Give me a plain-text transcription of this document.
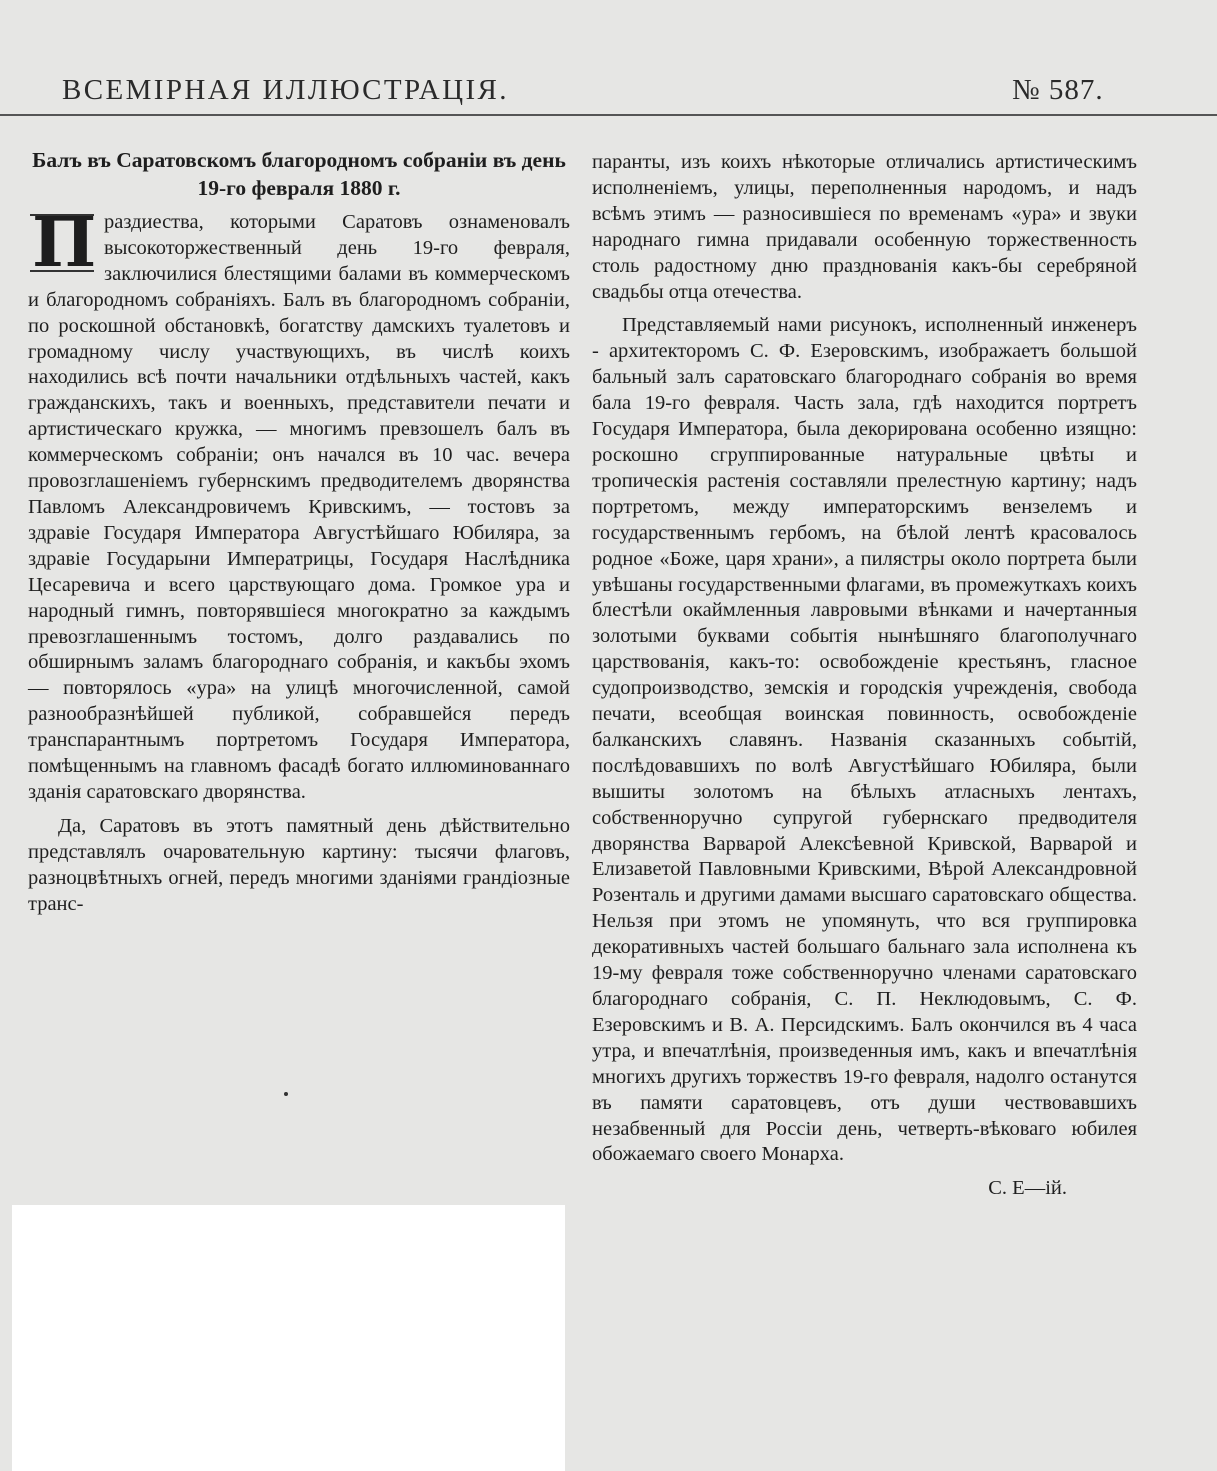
ВСЕМIРНАЯ ИЛЛЮСТРАЦIЯ.	№ 587.
Балъ въ Саратовскомъ благородномъ собранiи въ день 19-го февраля 1880 г.

Праздиества, которыми Саратовъ ознаменовалъ высокоторжественный день 19-го февраля, заключилися блестящими балами въ коммерческомъ и благородномъ собранiяхъ. Балъ въ благородномъ собранiи, по роскошной обстановкѣ, богатству дамскихъ туалетовъ и громадному числу участвующихъ, въ числѣ коихъ находились всѣ почти начальники отдѣльныхъ частей, какъ гражданскихъ, такъ и военныхъ, представители печати и артистическаго кружка, — многимъ превзошелъ балъ въ коммерческомъ собранiи; онъ начался въ 10 час. вечера провозглашенiемъ губернскимъ предводителемъ дворянства Павломъ Александровичемъ Кривскимъ, — тостовъ за здравiе Государя Императора Августѣйшаго Юбиляра, за здравiе Государыни Императрицы, Государя Наслѣдника Цесаревича и всего царствующаго дома. Громкое ура и народный гимнъ, повторявшiеся многократно за каждымъ превозглашеннымъ тостомъ, долго раздавались по обширнымъ заламъ благороднаго собранiя, и какъбы эхомъ — повторялось «ура» на улицѣ многочисленной, самой разнообразнѣйшей публикой, собравшейся передъ транспарантнымъ портретомъ Государя Императора, помѣщеннымъ на главномъ фасадѣ богато иллюминованнаго зданiя саратовскаго дворянства.

Да, Саратовъ въ этотъ памятный день дѣйствительно представлялъ очаровательную картину: тысячи флаговъ, разноцвѣтныхъ огней, передъ многими зданiями грандiозные транс-

паранты, изъ коихъ нѣкоторые отличались артистическимъ исполненiемъ, улицы, переполненныя народомъ, и надъ всѣмъ этимъ — разносившiеся по временамъ «ура» и звуки народнаго гимна придавали особенную торжественность столь радостному дню празднованiя какъ-бы серебряной свадьбы отца отечества.

Представляемый нами рисунокъ, исполненный инженеръ - архитекторомъ С. Ф. Езеровскимъ, изображаетъ большой бальный залъ саратовскаго благороднаго собранiя во время бала 19-го февраля. Часть зала, гдѣ находится портретъ Государя Императора, была декорирована особенно изящно: роскошно сгруппированные натуральные цвѣты и тропическiя растенiя составляли прелестную картину; надъ портретомъ, между императорскимъ вензелемъ и государственнымъ гербомъ, на бѣлой лентѣ красовалось родное «Боже, царя храни», а пилястры около портрета были увѣшаны государственными флагами, въ промежуткахъ коихъ блестѣли окаймленныя лавровыми вѣнками и начертанныя золотыми буквами событiя нынѣшняго благополучнаго царствованiя, какъ-то: освобожденiе крестьянъ, гласное судопроизводство, земскiя и городскiя учрежденiя, свобода печати, всеобщая воинская повинность, освобожденiе балканскихъ славянъ. Названiя сказанныхъ событiй, послѣдовавшихъ по волѣ Августѣйшаго Юбиляра, были вышиты золотомъ на бѣлыхъ атласныхъ лентахъ, собственноручно супругой губернскаго предводителя дворянства Варварой Алексѣевной Кривской, Варварой и Елизаветой Павловными Кривскими, Вѣрой Александровной Розенталь и другими дамами высшаго саратовскаго общества. Нельзя при этомъ не упомянуть, что вся группировка декоративныхъ частей большаго бальнаго зала исполнена къ 19-му февраля тоже собственноручно членами саратовскаго благороднаго собранiя, С. П. Неклюдовымъ, С. Ф. Езеровскимъ и В. А. Персидскимъ. Балъ окончился въ 4 часа утра, и впечатлѣнiя, произведенныя имъ, какъ и впечатлѣнiя многихъ другихъ торжествъ 19-го февраля, надолго останутся въ памяти саратовцевъ, отъ души чествовавшихъ незабвенный для Россiи день, четверть-вѣковаго юбилея обожаемаго своего Монарха.

С. Е—iй.
